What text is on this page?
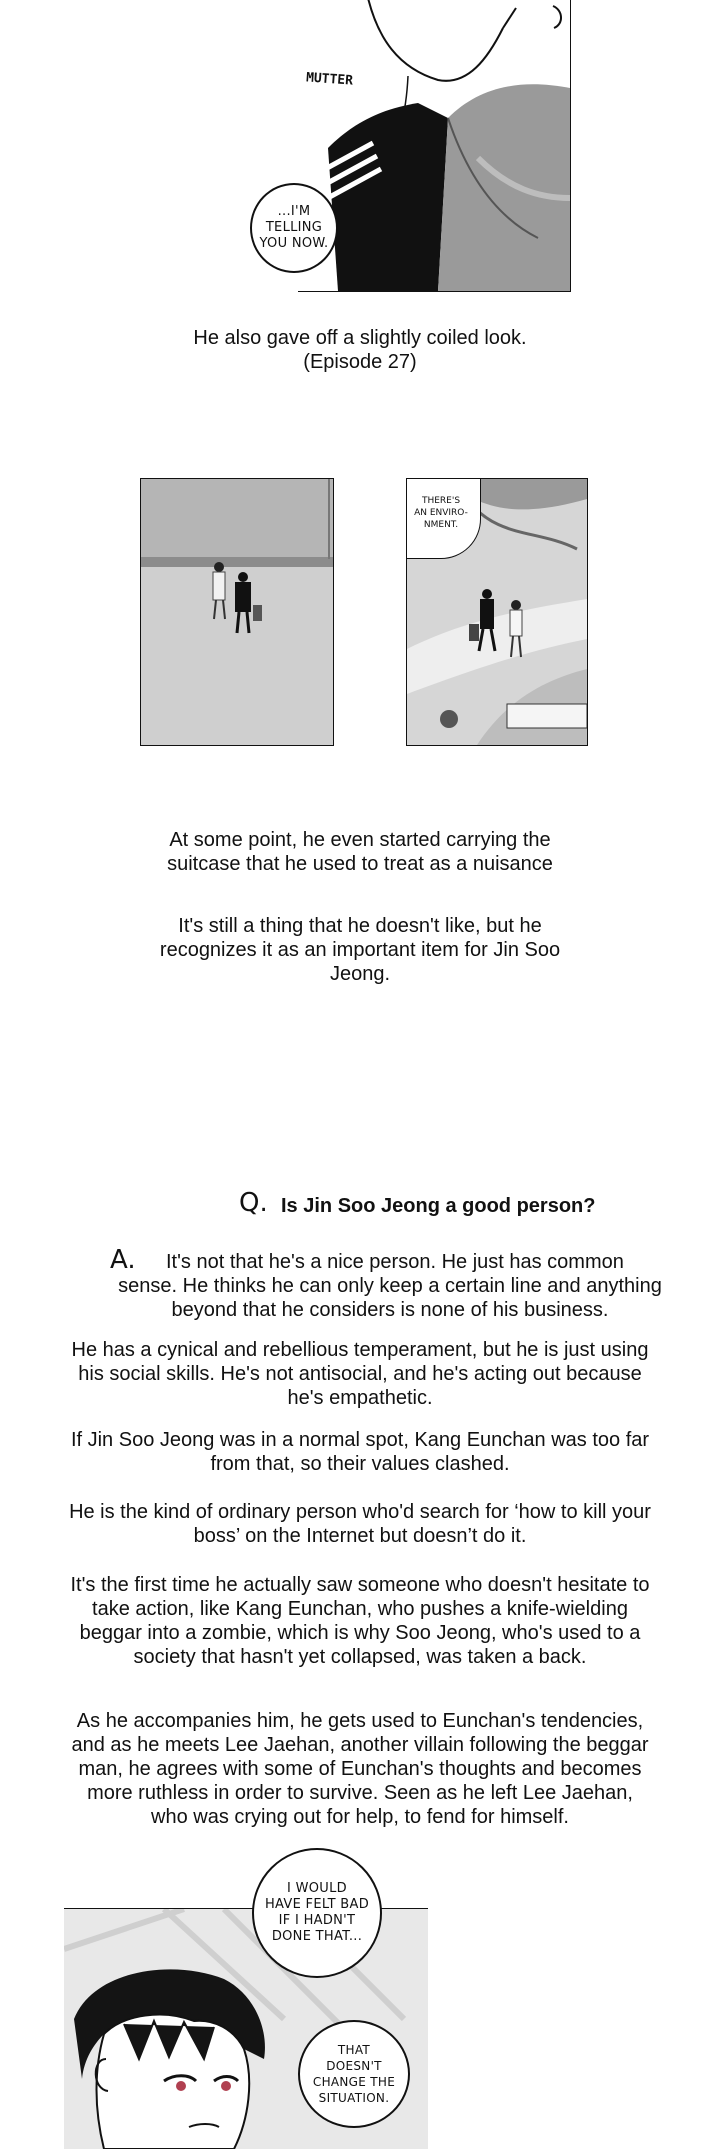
MUTTER
...I'M
TELLING
YOU NOW.
He also gave off a slightly coiled look.
(Episode 27)
THERE'S
AN ENVIRO-
NMENT.
At some point, he even started carrying the
suitcase that he used to treat as a nuisance
It's still a thing that he doesn't like, but he
recognizes it as an important item for Jin Soo
Jeong.
Q. Is Jin Soo Jeong a good person?
A. It's not that he's a nice person. He just has common
sense. He thinks he can only keep a certain line and anything
beyond that he considers is none of his business.
He has a cynical and rebellious temperament, but he is just using
his social skills. He's not antisocial, and he's acting out because
he's empathetic.
If Jin Soo Jeong was in a normal spot, Kang Eunchan was too far
from that, so their values clashed.
He is the kind of ordinary person who'd search for ‘how to kill your
boss’ on the Internet but doesn’t do it.
It's the first time he actually saw someone who doesn't hesitate to
take action, like Kang Eunchan, who pushes a knife-wielding
beggar into a zombie, which is why Soo Jeong, who's used to a
society that hasn't yet collapsed, was taken a back.
As he accompanies him, he gets used to Eunchan's tendencies,
and as he meets Lee Jaehan, another villain following the beggar
man, he agrees with some of Eunchan's thoughts and becomes
more ruthless in order to survive. Seen as he left Lee Jaehan,
who was crying out for help, to fend for himself.
I WOULD
HAVE FELT BAD
IF I HADN'T
DONE THAT...
THAT
DOESN'T
CHANGE THE
SITUATION.
